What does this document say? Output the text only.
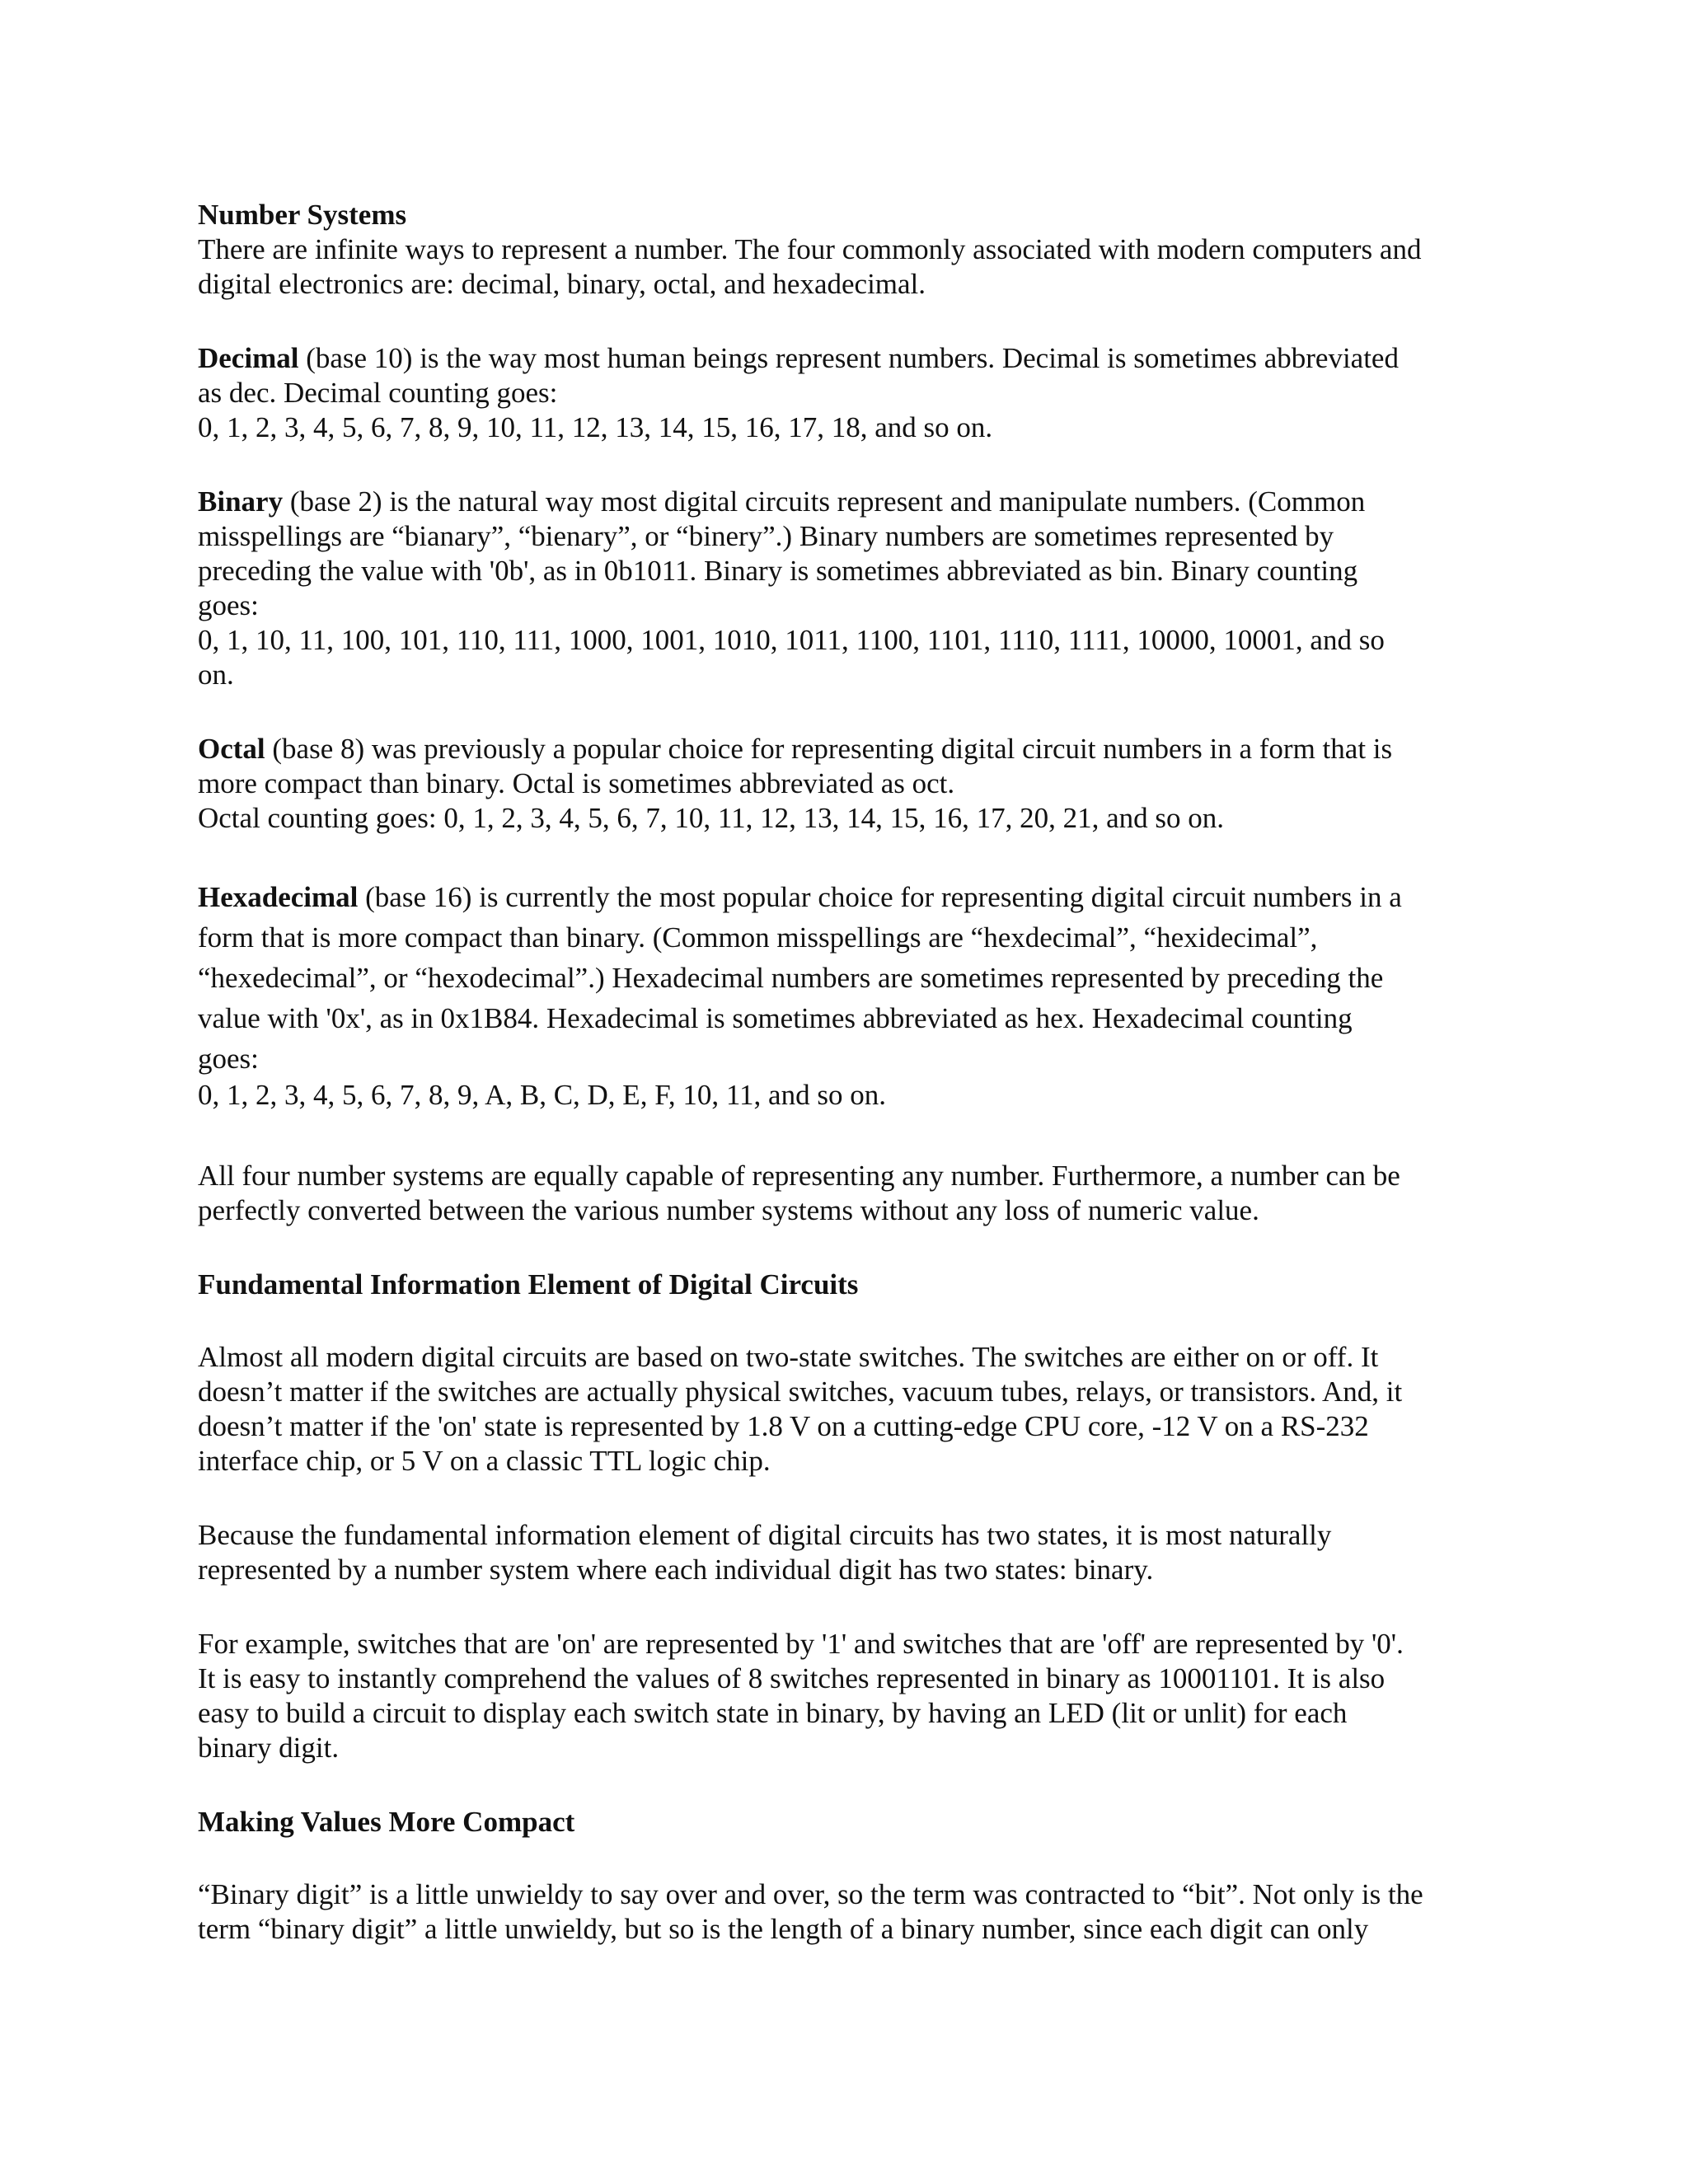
Number Systems
There are infinite ways to represent a number. The four commonly associated with modern computers and
digital electronics are: decimal, binary, octal, and hexadecimal.
Decimal (base 10) is the way most human beings represent numbers. Decimal is sometimes abbreviated
as dec. Decimal counting goes:
0, 1, 2, 3, 4, 5, 6, 7, 8, 9, 10, 11, 12, 13, 14, 15, 16, 17, 18, and so on.
Binary (base 2) is the natural way most digital circuits represent and manipulate numbers. (Common
misspellings are “bianary”, “bienary”, or “binery”.) Binary numbers are sometimes represented by
preceding the value with '0b', as in 0b1011. Binary is sometimes abbreviated as bin. Binary counting
goes:
0, 1, 10, 11, 100, 101, 110, 111, 1000, 1001, 1010, 1011, 1100, 1101, 1110, 1111, 10000, 10001, and so
on.
Octal (base 8) was previously a popular choice for representing digital circuit numbers in a form that is
more compact than binary. Octal is sometimes abbreviated as oct.
Octal counting goes: 0, 1, 2, 3, 4, 5, 6, 7, 10, 11, 12, 13, 14, 15, 16, 17, 20, 21, and so on.
Hexadecimal (base 16) is currently the most popular choice for representing digital circuit numbers in a
form that is more compact than binary. (Common misspellings are “hexdecimal”, “hexidecimal”,
“hexedecimal”, or “hexodecimal”.) Hexadecimal numbers are sometimes represented by preceding the
value with '0x', as in 0x1B84. Hexadecimal is sometimes abbreviated as hex. Hexadecimal counting
goes:
0, 1, 2, 3, 4, 5, 6, 7, 8, 9, A, B, C, D, E, F, 10, 11, and so on.
All four number systems are equally capable of representing any number. Furthermore, a number can be
perfectly converted between the various number systems without any loss of numeric value.
Fundamental Information Element of Digital Circuits
Almost all modern digital circuits are based on two-state switches. The switches are either on or off. It
doesn’t matter if the switches are actually physical switches, vacuum tubes, relays, or transistors. And, it
doesn’t matter if the 'on' state is represented by 1.8 V on a cutting-edge CPU core, -12 V on a RS-232
interface chip, or 5 V on a classic TTL logic chip.
Because the fundamental information element of digital circuits has two states, it is most naturally
represented by a number system where each individual digit has two states: binary.
For example, switches that are 'on' are represented by '1' and switches that are 'off' are represented by '0'.
It is easy to instantly comprehend the values of 8 switches represented in binary as 10001101. It is also
easy to build a circuit to display each switch state in binary, by having an LED (lit or unlit) for each
binary digit.
Making Values More Compact
“Binary digit” is a little unwieldy to say over and over, so the term was contracted to “bit”. Not only is the
term “binary digit” a little unwieldy, but so is the length of a binary number, since each digit can only
